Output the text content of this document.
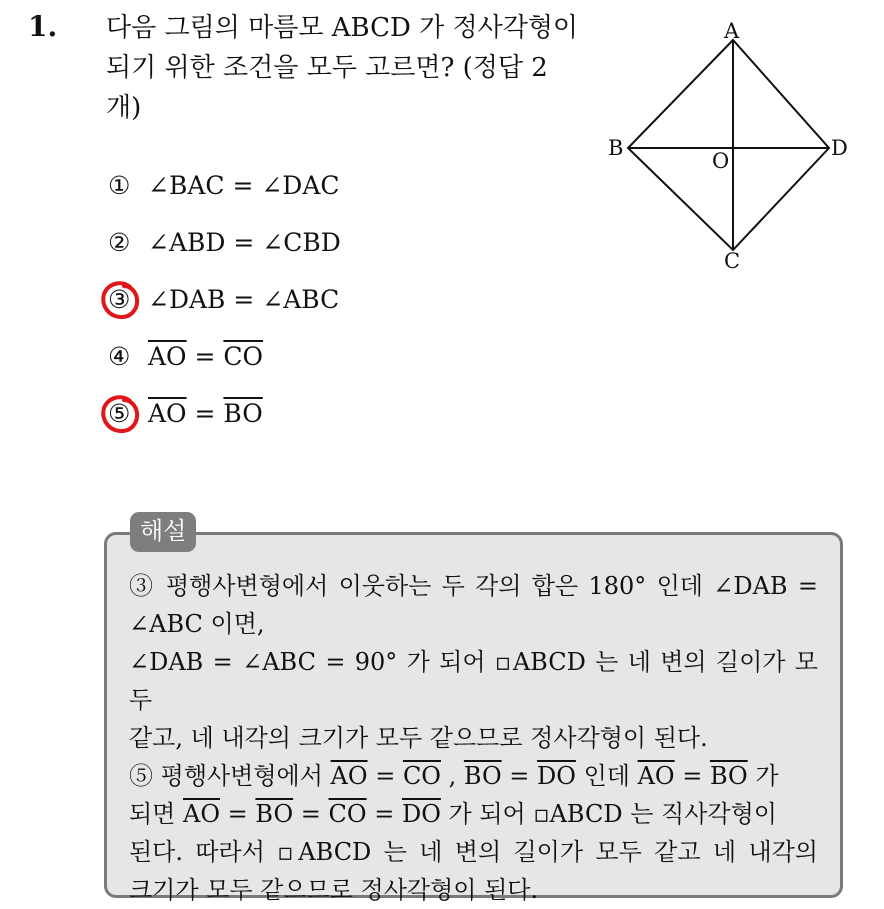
1. 다음 그림의 마름모 ABCD 가 정사각형이 되기 위한 조건을 모두 고르면? (정답 2 개)
A
B
O
D
C
① ∠BAC = ∠DAC
② ∠ABD = ∠CBD
③ ∠DAB = ∠ABC
④ $\overline{AO} = \overline{CO}$
⑤ $\overline{AO} = \overline{BO}$
해설
③ 평행사변형에서 이웃하는 두 각의 합은 180° 인데 ∠DAB =
∠ABC 이면,
∠DAB = ∠ABC = 90° 가 되어 ▫ABCD 는 네 변의 길이가 모두
같고, 네 내각의 크기가 모두 같으므로 정사각형이 된다.
⑤ 평행사변형에서 $\overline{AO} = \overline{CO}$ , $\overline{BO} = \overline{DO}$ 인데 $\overline{AO} = \overline{BO}$ 가
되면 $\overline{AO} = \overline{BO} = \overline{CO} = \overline{DO}$ 가 되어 ▫ABCD 는 직사각형이
된다. 따라서 ▫ABCD 는 네 변의 길이가 모두 같고 네 내각의
크기가 모두 같으므로 정사각형이 된다.
